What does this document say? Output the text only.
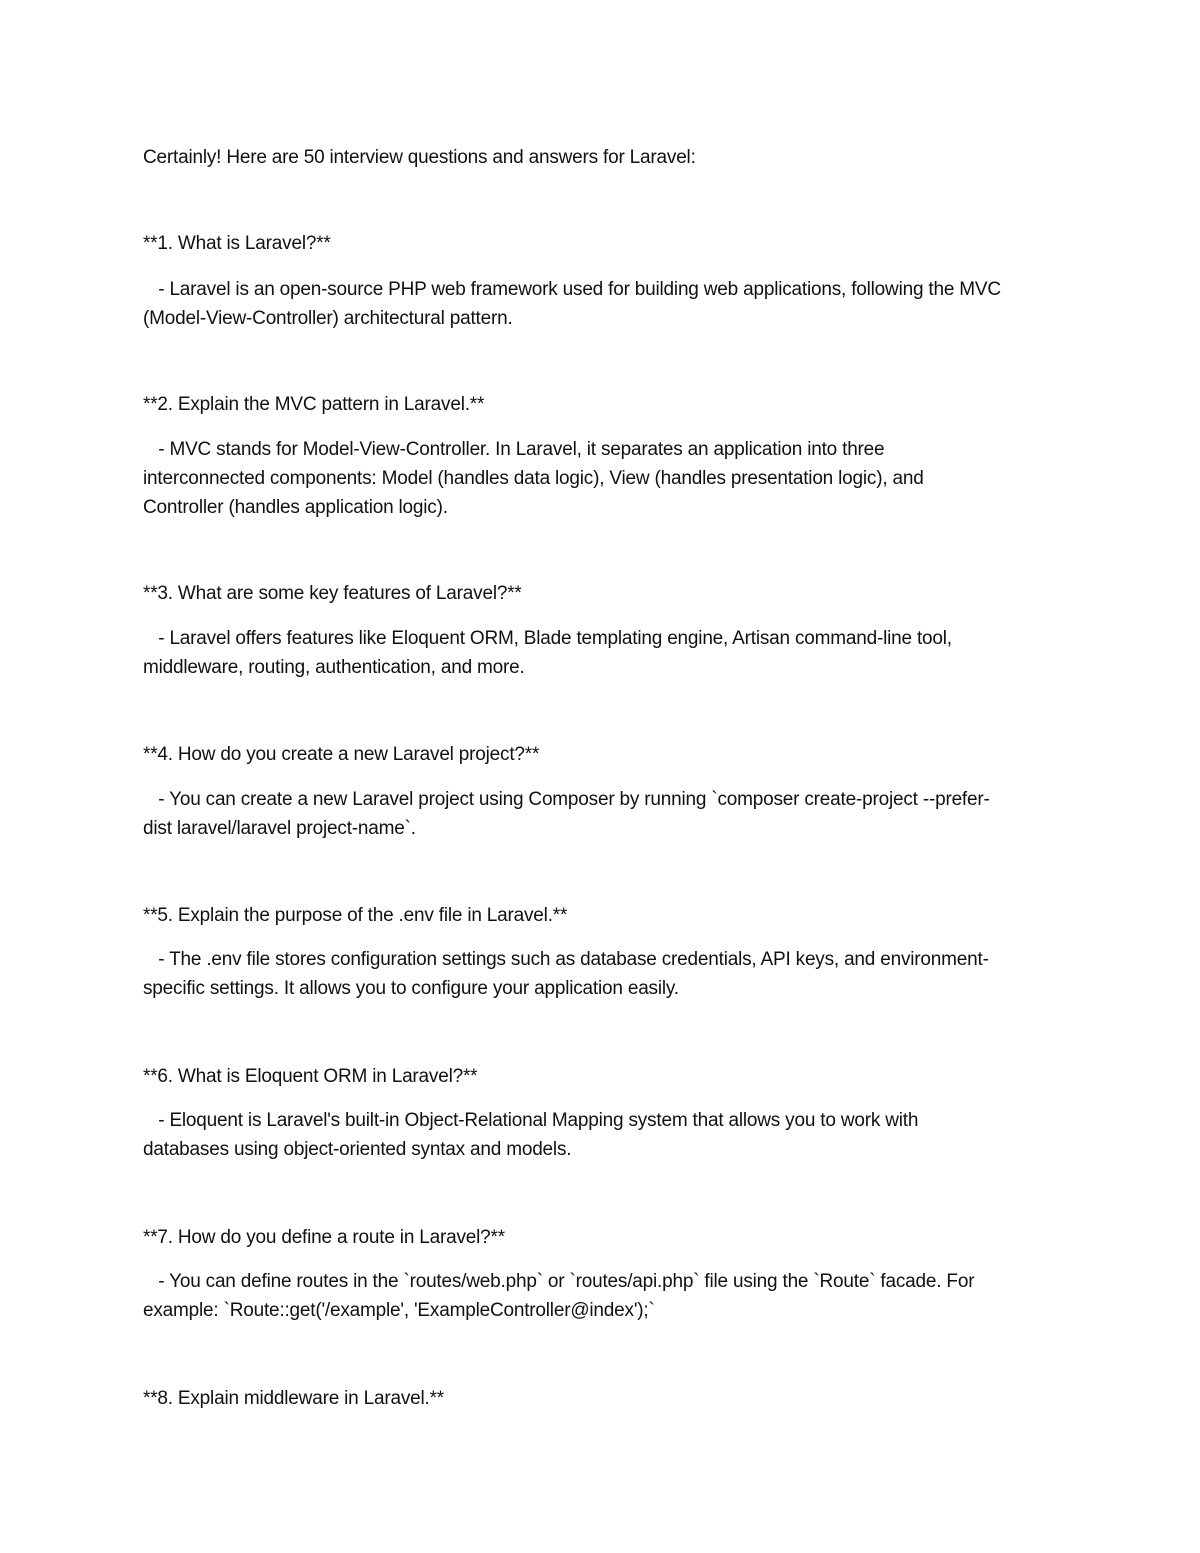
Certainly! Here are 50 interview questions and answers for Laravel:
**1. What is Laravel?**
- Laravel is an open-source PHP web framework used for building web applications, following the MVC
(Model-View-Controller) architectural pattern.
**2. Explain the MVC pattern in Laravel.**
- MVC stands for Model-View-Controller. In Laravel, it separates an application into three
interconnected components: Model (handles data logic), View (handles presentation logic), and
Controller (handles application logic).
**3. What are some key features of Laravel?**
- Laravel offers features like Eloquent ORM, Blade templating engine, Artisan command-line tool,
middleware, routing, authentication, and more.
**4. How do you create a new Laravel project?**
- You can create a new Laravel project using Composer by running `composer create-project --prefer-
dist laravel/laravel project-name`.
**5. Explain the purpose of the .env file in Laravel.**
- The .env file stores configuration settings such as database credentials, API keys, and environment-
specific settings. It allows you to configure your application easily.
**6. What is Eloquent ORM in Laravel?**
- Eloquent is Laravel's built-in Object-Relational Mapping system that allows you to work with
databases using object-oriented syntax and models.
**7. How do you define a route in Laravel?**
- You can define routes in the `routes/web.php` or `routes/api.php` file using the `Route` facade. For
example: `Route::get('/example', 'ExampleController@index');`
**8. Explain middleware in Laravel.**
